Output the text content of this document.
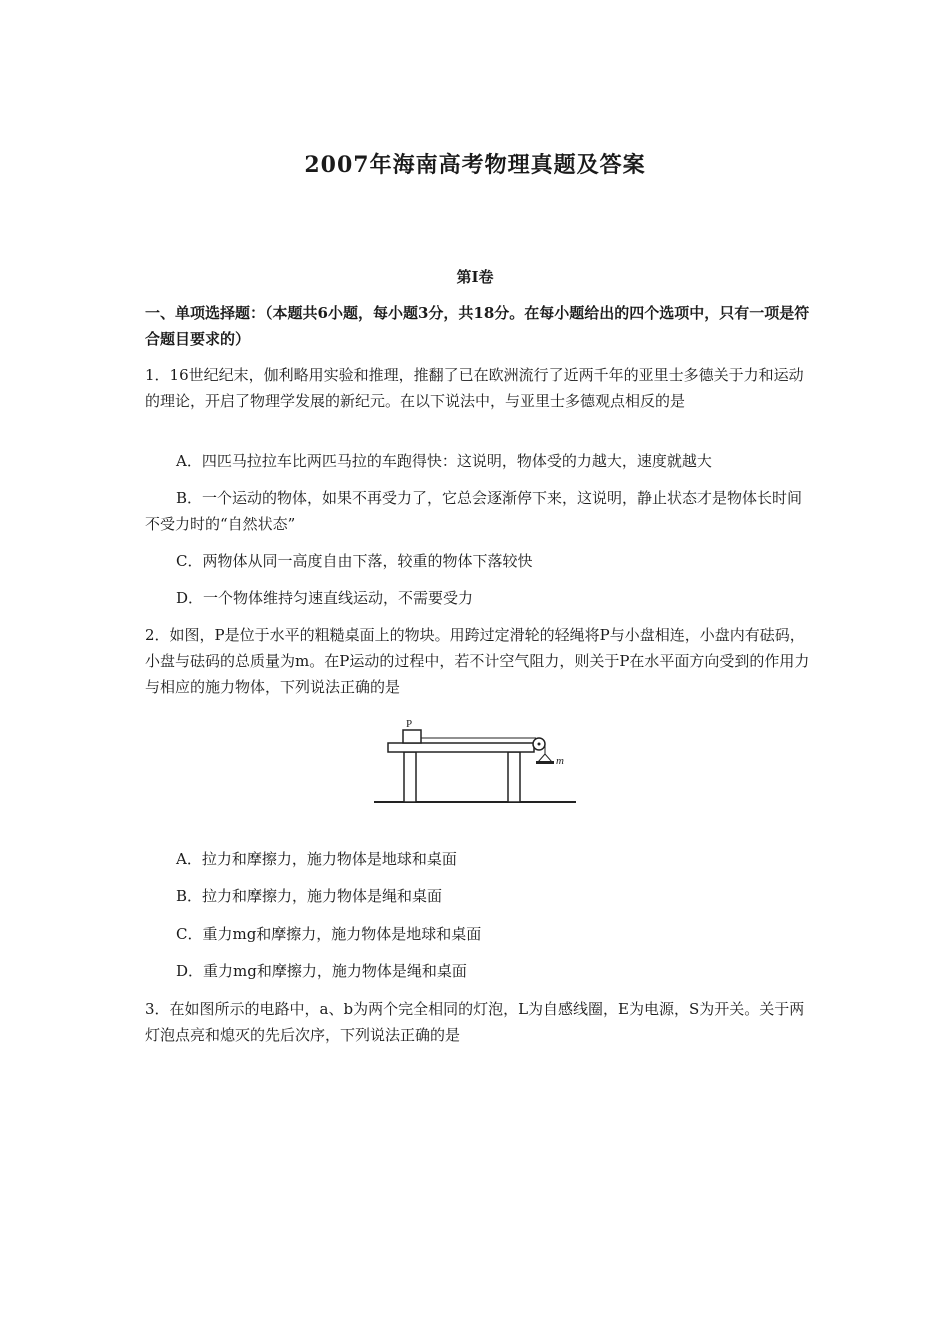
2007年海南高考物理真题及答案
第Ⅰ卷
一、单项选择题：（本题共6小题，每小题3分，共18分。在每小题给出的四个选项中，只有一项是符合题目要求的）
1．16世纪纪末，伽利略用实验和推理，推翻了已在欧洲流行了近两千年的亚里士多德关于力和运动的理论，开启了物理学发展的新纪元。在以下说法中，与亚里士多德观点相反的是
A．四匹马拉拉车比两匹马拉的车跑得快：这说明，物体受的力越大，速度就越大
B．一个运动的物体，如果不再受力了，它总会逐渐停下来，这说明，静止状态才是物体长时间不受力时的“自然状态”
C．两物体从同一高度自由下落，较重的物体下落较快
D．一个物体维持匀速直线运动，不需要受力
2．如图，P是位于水平的粗糙桌面上的物块。用跨过定滑轮的轻绳将P与小盘相连，小盘内有砝码，小盘与砝码的总质量为m。在P运动的过程中，若不计空气阻力，则关于P在水平面方向受到的作用力与相应的施力物体，下列说法正确的是
P
m
A．拉力和摩擦力，施力物体是地球和桌面
B．拉力和摩擦力，施力物体是绳和桌面
C．重力mg和摩擦力，施力物体是地球和桌面
D．重力mg和摩擦力，施力物体是绳和桌面
3．在如图所示的电路中，a、b为两个完全相同的灯泡，L为自感线圈，E为电源，S为开关。关于两灯泡点亮和熄灭的先后次序，下列说法正确的是
